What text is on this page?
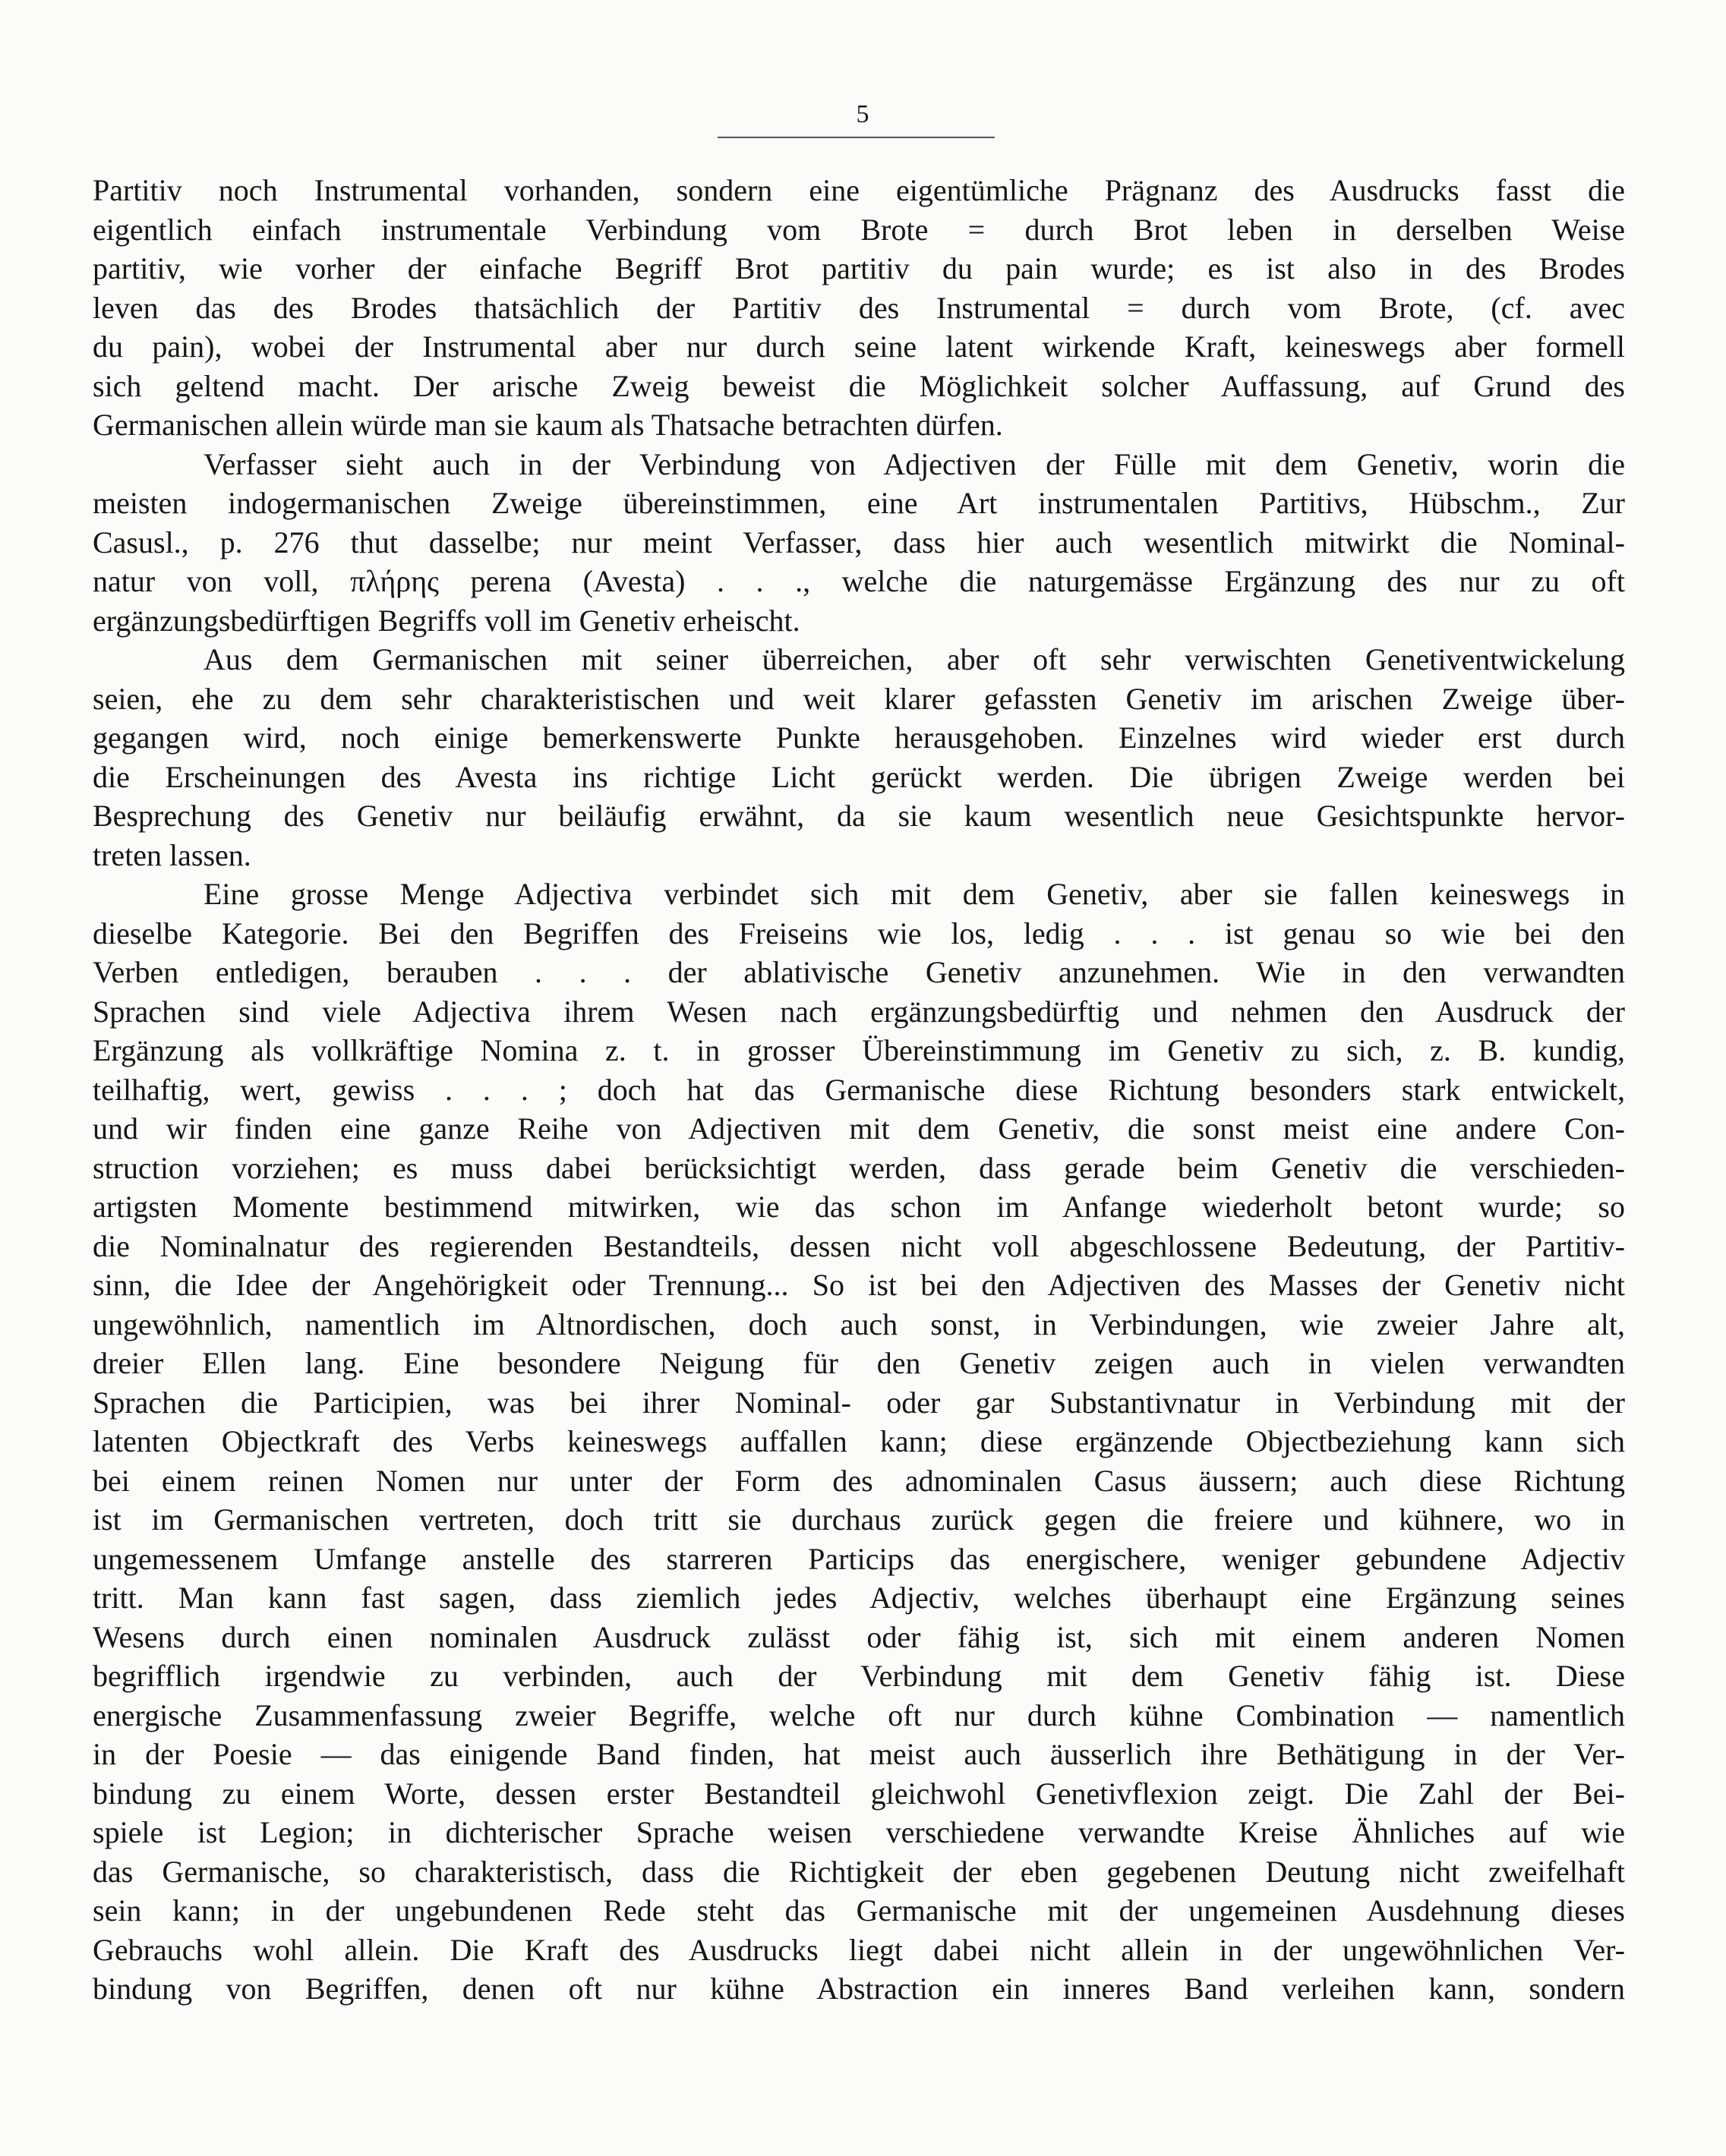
5
Partitiv noch Instrumental vorhanden, sondern eine eigentümliche Prägnanz des Ausdrucks fasst die
eigentlich einfach instrumentale Verbindung vom Brote = durch Brot leben in derselben Weise
partitiv, wie vorher der einfache Begriff Brot partitiv du pain wurde; es ist also in des Brodes
leven das des Brodes thatsächlich der Partitiv des Instrumental = durch vom Brote, (cf. avec
du pain), wobei der Instrumental aber nur durch seine latent wirkende Kraft, keineswegs aber formell
sich geltend macht. Der arische Zweig beweist die Möglichkeit solcher Auffassung, auf Grund des
Germanischen allein würde man sie kaum als Thatsache betrachten dürfen.
Verfasser sieht auch in der Verbindung von Adjectiven der Fülle mit dem Genetiv, worin die
meisten indogermanischen Zweige übereinstimmen, eine Art instrumentalen Partitivs, Hübschm., Zur
Casusl., p. 276 thut dasselbe; nur meint Verfasser, dass hier auch wesentlich mitwirkt die Nominal-
natur von voll, πλήρης perena (Avesta) . . ., welche die naturgemässe Ergänzung des nur zu oft
ergänzungsbedürftigen Begriffs voll im Genetiv erheischt.
Aus dem Germanischen mit seiner überreichen, aber oft sehr verwischten Genetiventwickelung
seien, ehe zu dem sehr charakteristischen und weit klarer gefassten Genetiv im arischen Zweige über-
gegangen wird, noch einige bemerkenswerte Punkte herausgehoben. Einzelnes wird wieder erst durch
die Erscheinungen des Avesta ins richtige Licht gerückt werden. Die übrigen Zweige werden bei
Besprechung des Genetiv nur beiläufig erwähnt, da sie kaum wesentlich neue Gesichtspunkte hervor-
treten lassen.
Eine grosse Menge Adjectiva verbindet sich mit dem Genetiv, aber sie fallen keineswegs in
dieselbe Kategorie. Bei den Begriffen des Freiseins wie los, ledig . . . ist genau so wie bei den
Verben entledigen, berauben . . . der ablativische Genetiv anzunehmen. Wie in den verwandten
Sprachen sind viele Adjectiva ihrem Wesen nach ergänzungsbedürftig und nehmen den Ausdruck der
Ergänzung als vollkräftige Nomina z. t. in grosser Übereinstimmung im Genetiv zu sich, z. B. kundig,
teilhaftig, wert, gewiss . . . ; doch hat das Germanische diese Richtung besonders stark entwickelt,
und wir finden eine ganze Reihe von Adjectiven mit dem Genetiv, die sonst meist eine andere Con-
struction vorziehen; es muss dabei berücksichtigt werden, dass gerade beim Genetiv die verschieden-
artigsten Momente bestimmend mitwirken, wie das schon im Anfange wiederholt betont wurde; so
die Nominalnatur des regierenden Bestandteils, dessen nicht voll abgeschlossene Bedeutung, der Partitiv-
sinn, die Idee der Angehörigkeit oder Trennung... So ist bei den Adjectiven des Masses der Genetiv nicht
ungewöhnlich, namentlich im Altnordischen, doch auch sonst, in Verbindungen, wie zweier Jahre alt,
dreier Ellen lang. Eine besondere Neigung für den Genetiv zeigen auch in vielen verwandten
Sprachen die Participien, was bei ihrer Nominal- oder gar Substantivnatur in Verbindung mit der
latenten Objectkraft des Verbs keineswegs auffallen kann; diese ergänzende Objectbeziehung kann sich
bei einem reinen Nomen nur unter der Form des adnominalen Casus äussern; auch diese Richtung
ist im Germanischen vertreten, doch tritt sie durchaus zurück gegen die freiere und kühnere, wo in
ungemessenem Umfange anstelle des starreren Particips das energischere, weniger gebundene Adjectiv
tritt. Man kann fast sagen, dass ziemlich jedes Adjectiv, welches überhaupt eine Ergänzung seines
Wesens durch einen nominalen Ausdruck zulässt oder fähig ist, sich mit einem anderen Nomen
begrifflich irgendwie zu verbinden, auch der Verbindung mit dem Genetiv fähig ist. Diese
energische Zusammenfassung zweier Begriffe, welche oft nur durch kühne Combination — namentlich
in der Poesie — das einigende Band finden, hat meist auch äusserlich ihre Bethätigung in der Ver-
bindung zu einem Worte, dessen erster Bestandteil gleichwohl Genetivflexion zeigt. Die Zahl der Bei-
spiele ist Legion; in dichterischer Sprache weisen verschiedene verwandte Kreise Ähnliches auf wie
das Germanische, so charakteristisch, dass die Richtigkeit der eben gegebenen Deutung nicht zweifelhaft
sein kann; in der ungebundenen Rede steht das Germanische mit der ungemeinen Ausdehnung dieses
Gebrauchs wohl allein. Die Kraft des Ausdrucks liegt dabei nicht allein in der ungewöhnlichen Ver-
bindung von Begriffen, denen oft nur kühne Abstraction ein inneres Band verleihen kann, sondern
